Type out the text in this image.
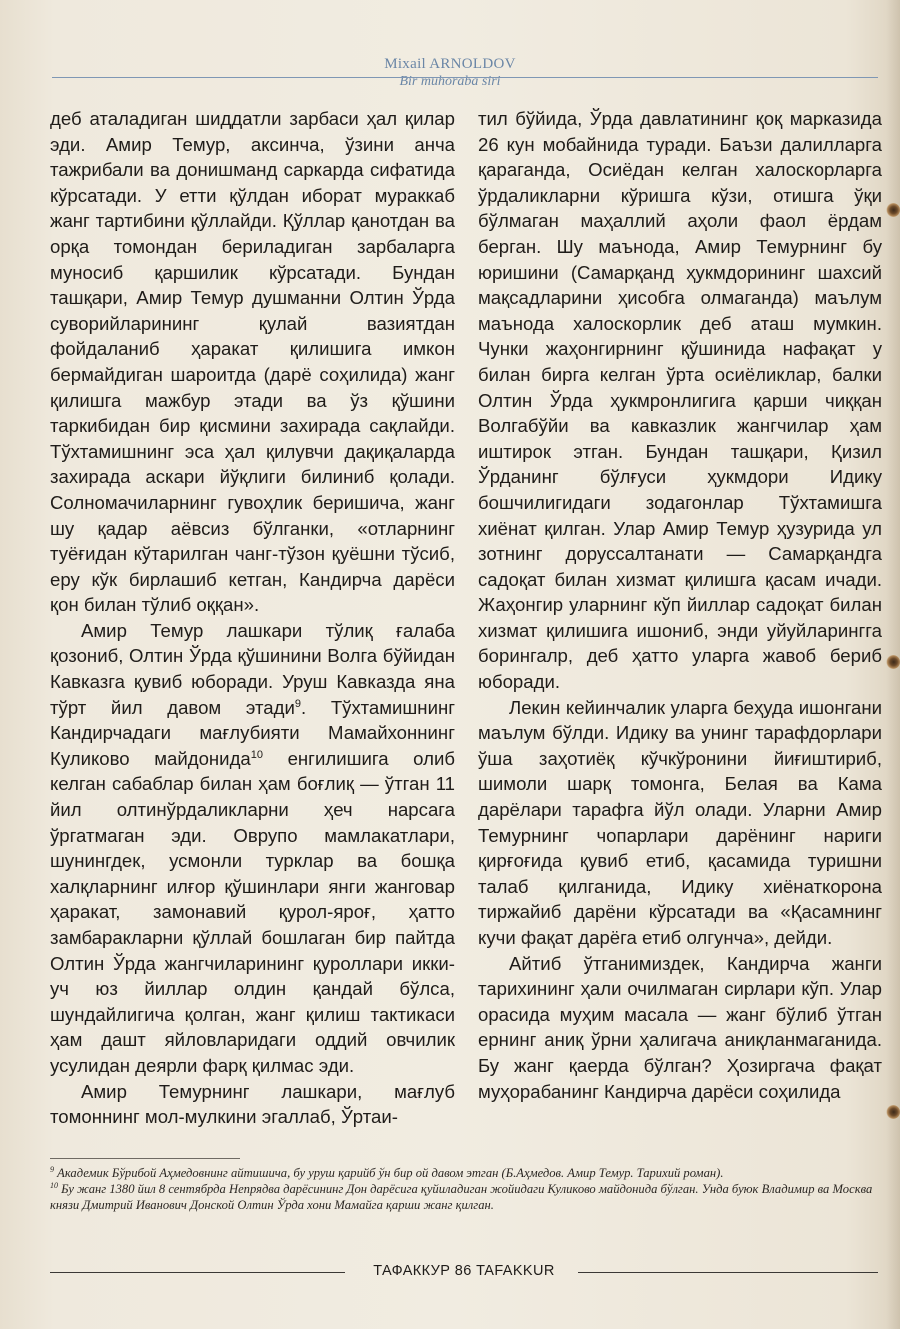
Mixail ARNOLDOV
Bir muhoraba siri

деб аталадиган шиддатли зарбаси ҳал қилар эди. Амир Темур, аксинча, ўзини анча тажрибали ва донишманд саркарда сифатида кўрсатади. У етти қўлдан иборат мураккаб жанг тартибини қўллайди. Қўллар қанотдан ва орқа томондан бериладиган зарбаларга муносиб қаршилик кўрсатади. Бундан ташқари, Амир Темур душманни Олтин Ўрда суворийларининг қулай вазиятдан фойдаланиб ҳаракат қилишига имкон бермайдиган шароитда (дарё соҳилида) жанг қилишга мажбур этади ва ўз қўшини таркибидан бир қисмини захирада сақлайди. Тўхтамишнинг эса ҳал қилувчи дақиқаларда захирада аскари йўқлиги билиниб қолади. Солномачиларнинг гувоҳлик беришича, жанг шу қадар аёвсиз бўлганки, «отларнинг туёғидан кўтарилган чанг-тўзон қуёшни тўсиб, еру кўк бирлашиб кетган, Кандирча дарёси қон билан тўлиб оққан».

Амир Темур лашкари тўлиқ ғалаба қозониб, Олтин Ўрда қўшинини Волга бўйидан Кавказга қувиб юборади. Уруш Кавказда яна тўрт йил давом этади$^9$. Тўхтамишнинг Кандирчадаги мағлубияти Мамайхоннинг Куликово майдонида$^{10}$ енгилишига олиб келган сабаблар билан ҳам боғлиқ — ўтган 11 йил олтинўрдаликларни ҳеч нарсага ўргатмаган эди. Оврупо мамлакатлари, шунингдек, усмонли турклар ва бошқа халқларнинг илғор қўшинлари янги жанговар ҳаракат, замонавий қурол-яроғ, ҳатто замбаракларни қўллай бошлаган бир пайтда Олтин Ўрда жангчиларининг қуроллари икки-уч юз йиллар олдин қандай бўлса, шундайлигича қолган, жанг қилиш тактикаси ҳам дашт яйловларидаги оддий овчилик усулидан деярли фарқ қилмас эди.

Амир Темурнинг лашкари, мағлуб томоннинг мол-мулкини эгаллаб, Ўртаи-

тил бўйида, Ўрда давлатининг қоқ марказида 26 кун мобайнида туради. Баъзи далилларга қараганда, Осиёдан келган халоскорларга ўрдаликларни кўришга кўзи, отишга ўқи бўлмаган маҳаллий аҳоли фаол ёрдам берган. Шу маънода, Амир Темурнинг бу юришини (Самарқанд ҳукмдорининг шахсий мақсадларини ҳисобга олмаганда) маълум маънода халоскорлик деб аташ мумкин. Чунки жаҳонгирнинг қўшинида нафақат у билан бирга келган ўрта осиёликлар, балки Олтин Ўрда ҳукмронлигига қарши чиққан Волгабўйи ва кавказлик жангчилар ҳам иштирок этган. Бундан ташқари, Қизил Ўрданинг бўлғуси ҳукмдори Идику бошчилигидаги зодагонлар Тўхтамишга хиёнат қилган. Улар Амир Темур ҳузурида ул зотнинг доруссалтанати — Самарқандга садоқат билан хизмат қилишга қасам ичади. Жаҳонгир уларнинг кўп йиллар садоқат билан хизмат қилишига ишониб, энди уйуйларингга борингалр, деб ҳатто уларга жавоб бериб юборади.

Лекин кейинчалик уларга беҳуда ишонгани маълум бўлди. Идику ва унинг тарафдорлари ўша заҳотиёқ кўчкўронини йиғиштириб, шимоли шарқ томонга, Белая ва Кама дарёлари тарафга йўл олади. Уларни Амир Темурнинг чопарлари дарёнинг нариги қирғоғида қувиб етиб, қасамида туришни талаб қилганида, Идику хиёнаткорона тиржайиб дарёни кўрсатади ва «Қасамнинг кучи фақат дарёга етиб олгунча», дейди.

Айтиб ўтганимиздек, Кандирча жанги тарихининг ҳали очилмаган сирлари кўп. Улар орасида муҳим масала — жанг бўлиб ўтган ернинг аниқ ўрни ҳалигача аниқланмаганида. Бу жанг қаерда бўлган? Ҳозиргача фақат муҳорабанинг Кандирча дарёси соҳилида

$^9$ Академик Бўрибой Аҳмедовнинг айтишича, бу уруш қарийб ўн бир ой давом этган (Б.Аҳмедов. Амир Темур. Тарихий роман).

$^{10}$ Бу жанг 1380 йил 8 сентябрда Непрядва дарёсининг Дон дарёсига қуйиладиган жойидаги Куликово майдонида бўлган. Унда буюк Владимир ва Москва князи Дмитрий Иванович Донской Олтин Ўрда хони Мамайга қарши жанг қилган.

ТАФАККУР 86 TAFAKKUR
